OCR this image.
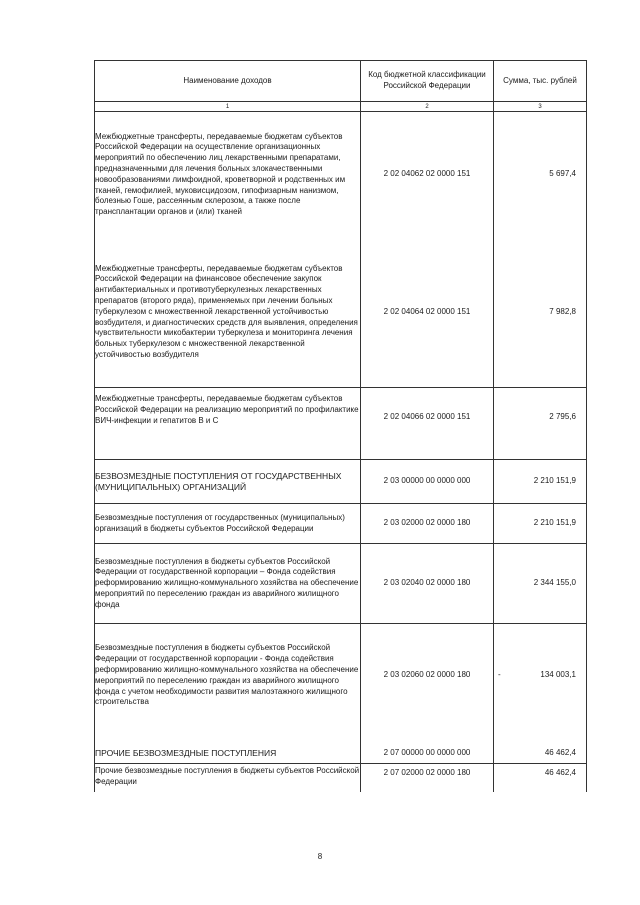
Наименование доходов	Код бюджетной классификации Российской Федерации	Сумма, тыс. рублей
1	2	3
Межбюджетные трансферты, передаваемые бюджетам субъектов Российской Федерации на осуществление организационных мероприятий по обеспечению лиц лекарственными препаратами, предназначенными для лечения больных злокачественными новообразованиями лимфоидной, кроветворной и родственных им тканей, гемофилией, муковисцидозом, гипофизарным нанизмом, болезнью Гоше, рассеянным склерозом, а также после трансплантации органов и (или) тканей	2 02 04062 02 0000 151	5 697,4
Межбюджетные трансферты, передаваемые бюджетам субъектов Российской Федерации на финансовое обеспечение закупок антибактериальных и противотуберкулезных лекарственных препаратов (второго ряда), применяемых при лечении больных туберкулезом с множественной лекарственной устойчивостью возбудителя, и диагностических средств для выявления, определения чувствительности микобактерии туберкулеза и мониторинга лечения больных туберкулезом с множественной лекарственной устойчивостью возбудителя	2 02 04064 02 0000 151	7 982,8
Межбюджетные трансферты, передаваемые бюджетам субъектов Российской Федерации на реализацию мероприятий по профилактике ВИЧ-инфекции и гепатитов B и C	2 02 04066 02 0000 151	2 795,6
БЕЗВОЗМЕЗДНЫЕ ПОСТУПЛЕНИЯ ОТ ГОСУДАРСТВЕННЫХ (МУНИЦИПАЛЬНЫХ) ОРГАНИЗАЦИЙ	2 03 00000 00 0000 000	2 210 151,9
Безвозмездные поступления от государственных (муниципальных) организаций в бюджеты субъектов Российской Федерации	2 03 02000 02 0000 180	2 210 151,9
Безвозмездные поступления в бюджеты субъектов Российской Федерации от государственной корпорации – Фонда содействия реформированию жилищно-коммунального хозяйства на обеспечение мероприятий по переселению граждан из аварийного жилищного фонда	2 03 02040 02 0000 180	2 344 155,0
Безвозмездные поступления в бюджеты субъектов Российской Федерации от государственной корпорации - Фонда содействия реформированию жилищно-коммунального хозяйства на обеспечение мероприятий по переселению граждан из аварийного жилищного фонда с учетом необходимости развития малоэтажного жилищного строительства	2 03 02060 02 0000 180	- 134 003,1
ПРОЧИЕ БЕЗВОЗМЕЗДНЫЕ ПОСТУПЛЕНИЯ	2 07 00000 00 0000 000	46 462,4
Прочие безвозмездные поступления в бюджеты субъектов Российской Федерации	2 07 02000 02 0000 180	46 462,4
8
